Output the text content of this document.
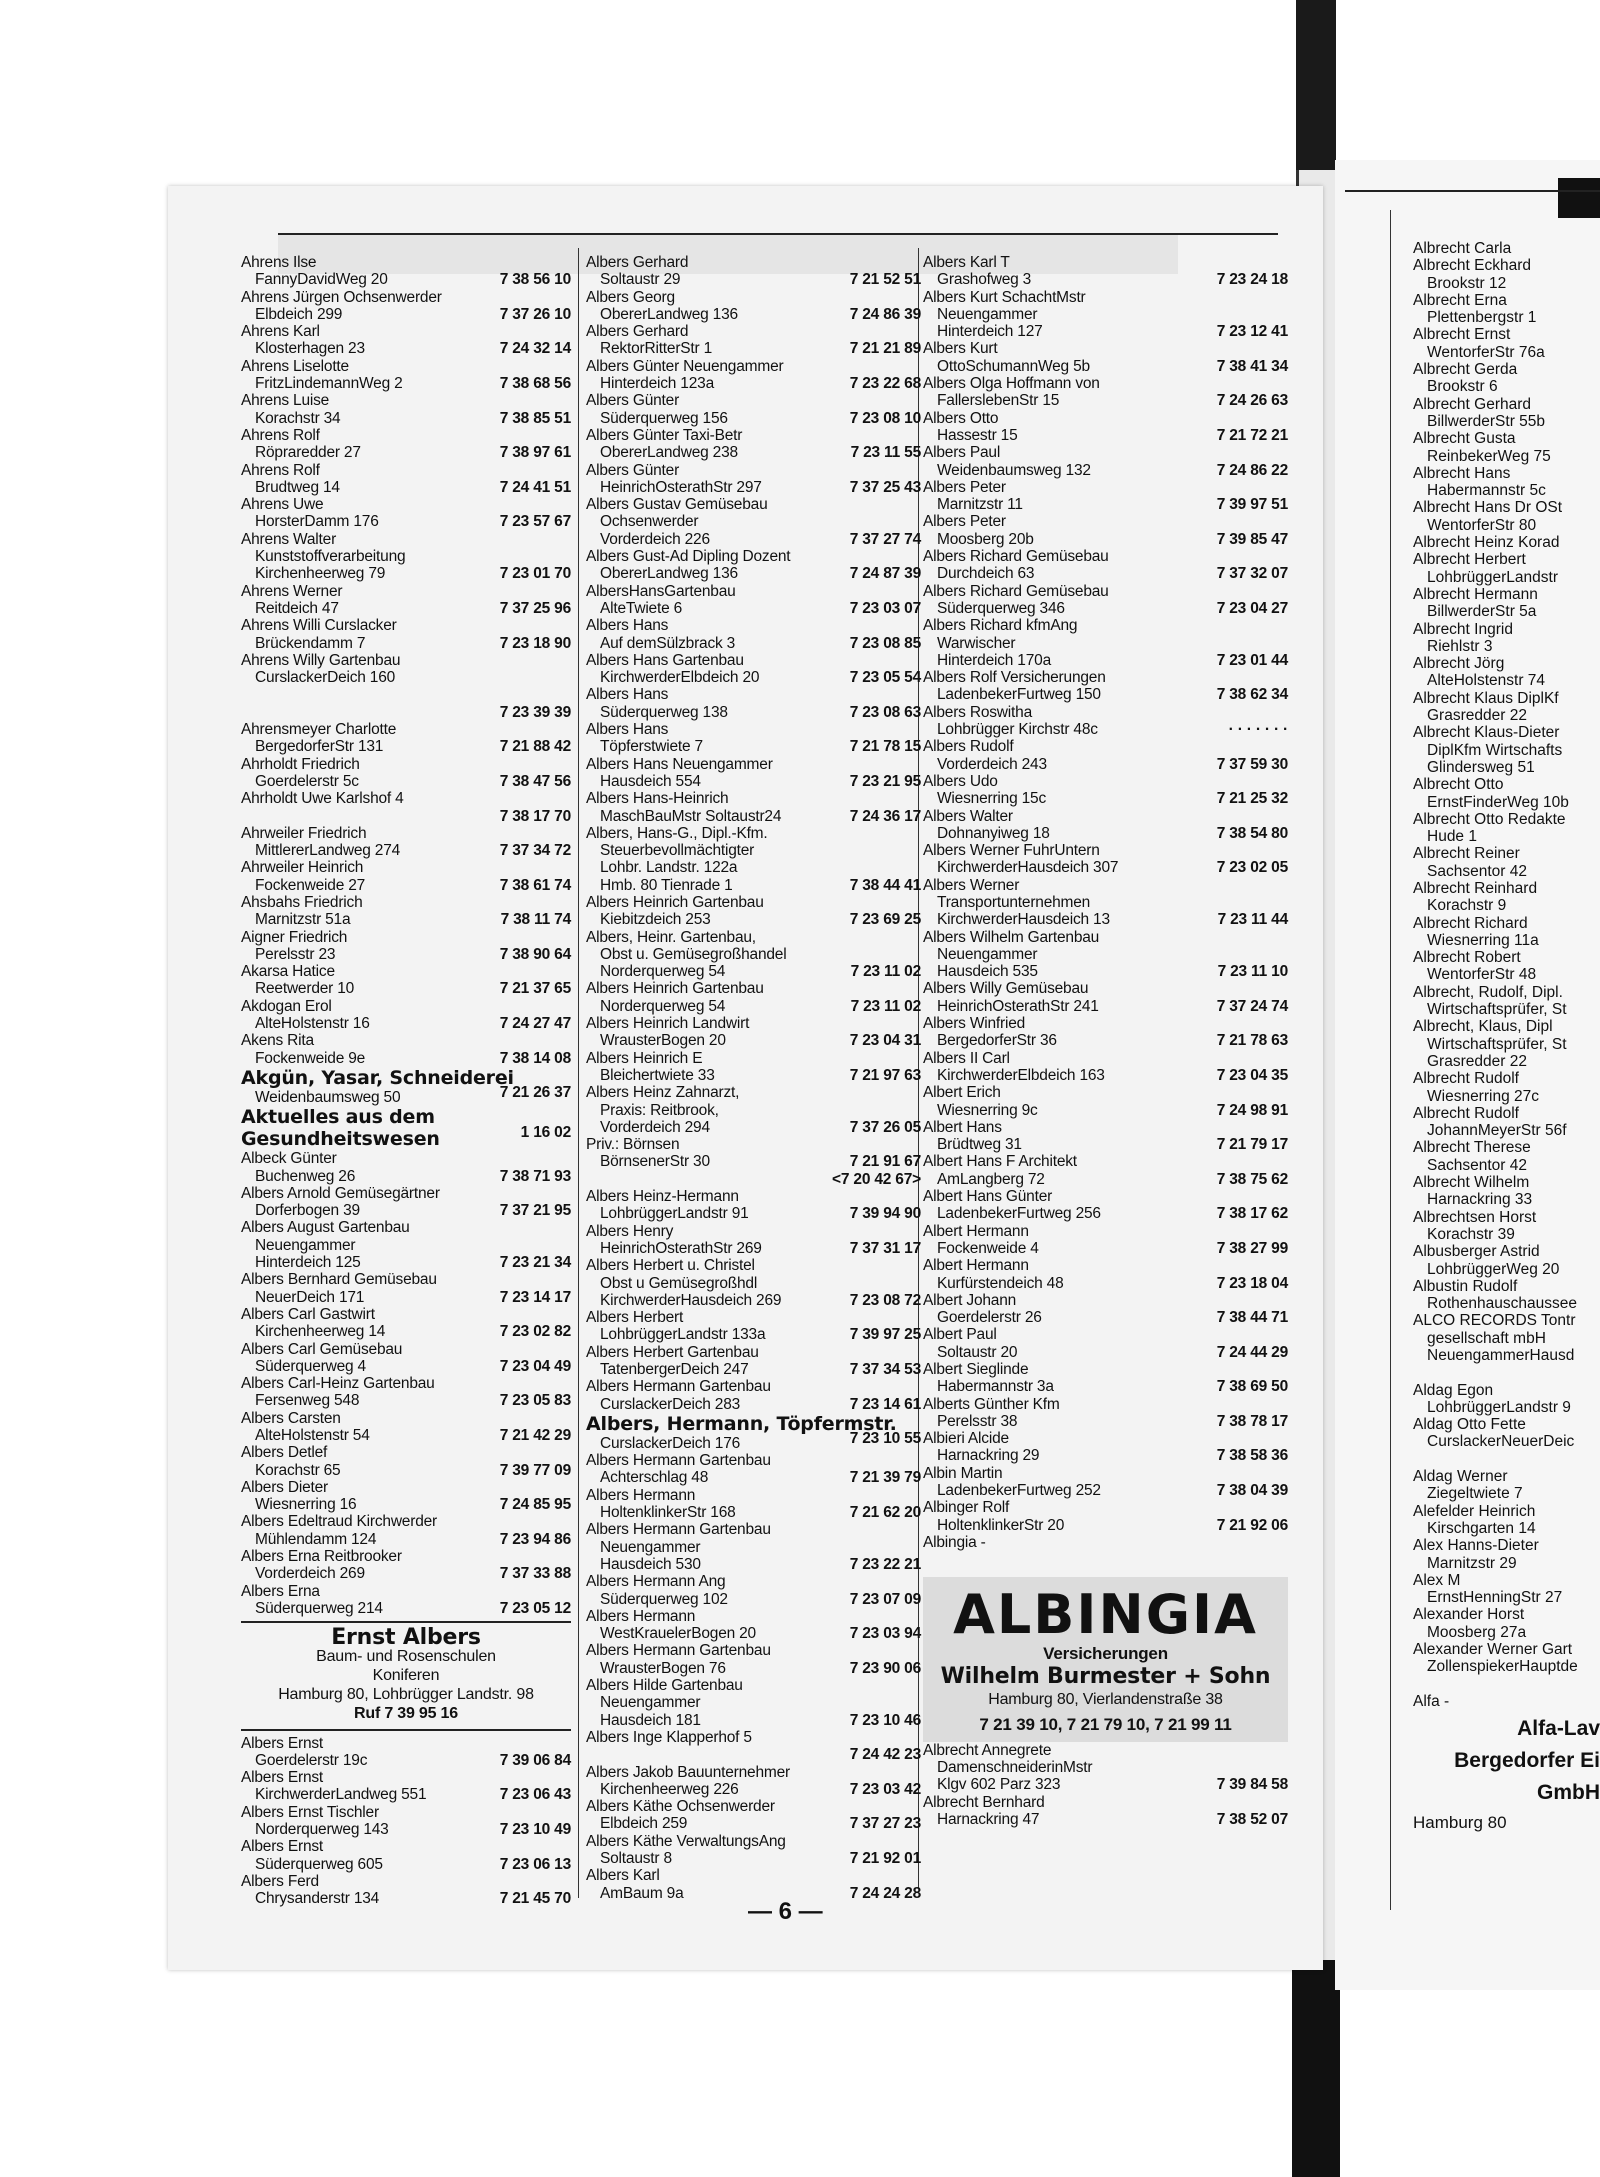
Albrecht Carla
Albrecht Eckhard
Brookstr 12
Albrecht Erna
Plettenbergstr 1
Albrecht Ernst
WentorferStr 76a
Albrecht Gerda
Brookstr 6
Albrecht Gerhard
BillwerderStr 55b
Albrecht Gusta
ReinbekerWeg 75
Albrecht Hans
Habermannstr 5c
Albrecht Hans Dr OSt
WentorferStr 80
Albrecht Heinz Korad
Albrecht Herbert
LohbrüggerLandstr
Albrecht Hermann
BillwerderStr 5a
Albrecht Ingrid
Riehlstr 3
Albrecht Jörg
AlteHolstenstr 74
Albrecht Klaus DiplKf
Grasredder 22
Albrecht Klaus-Dieter
DiplKfm Wirtschafts
Glindersweg 51
Albrecht Otto
ErnstFinderWeg 10b
Albrecht Otto Redakte
Hude 1
Albrecht Reiner
Sachsentor 42
Albrecht Reinhard
Korachstr 9
Albrecht Richard
Wiesnerring 11a
Albrecht Robert
WentorferStr 48
Albrecht, Rudolf, Dipl.
Wirtschaftsprüfer, St
Albrecht, Klaus, Dipl
Wirtschaftsprüfer, St
Grasredder 22
Albrecht Rudolf
Wiesnerring 27c
Albrecht Rudolf
JohannMeyerStr 56f
Albrecht Therese
Sachsentor 42
Albrecht Wilhelm
Harnackring 33
Albrechtsen Horst
Korachstr 39
Albusberger Astrid
LohbrüggerWeg 20
Albustin Rudolf
Rothenhauschaussee
ALCO RECORDS Tontr
gesellschaft mbH
NeuengammerHausd

Aldag Egon
LohbrüggerLandstr 9
Aldag Otto Fette
CurslackerNeuerDeic

Aldag Werner
Ziegeltwiete 7
Alefelder Heinrich
Kirschgarten 14
Alex Hanns-Dieter
Marnitzstr 29
Alex M
ErnstHenningStr 27
Alexander Horst
Moosberg 27a
Alexander Werner Gart
ZollenspiekerHauptde

Alfa -
Alfa-Lav
Bergedorfer Ei
GmbH
Hamburg 80
Ahrens Ilse
FannyDavidWeg 20	7 38 56 10
Ahrens Jürgen Ochsenwerder
Elbdeich 299	7 37 26 10
Ahrens Karl
Klosterhagen 23	7 24 32 14
Ahrens Liselotte
FritzLindemannWeg 2	7 38 68 56
Ahrens Luise
Korachstr 34	7 38 85 51
Ahrens Rolf
Röpraredder 27	7 38 97 61
Ahrens Rolf
Brudtweg 14	7 24 41 51
Ahrens Uwe
HorsterDamm 176	7 23 57 67
Ahrens Walter
Kunststoffverarbeitung
Kirchenheerweg 79	7 23 01 70
Ahrens Werner
Reitdeich 47	7 37 25 96
Ahrens Willi Curslacker
Brückendamm 7	7 23 18 90
Ahrens Willy Gartenbau
CurslackerDeich 160

7 23 39 39
Ahrensmeyer Charlotte
BergedorferStr 131	7 21 88 42
Ahrholdt Friedrich
Goerdelerstr 5c	7 38 47 56
Ahrholdt Uwe Karlshof 4

7 38 17 70
Ahrweiler Friedrich
MittlererLandweg 274	7 37 34 72
Ahrweiler Heinrich
Fockenweide 27	7 38 61 74
Ahsbahs Friedrich
Marnitzstr 51a	7 38 11 74
Aigner Friedrich
Perelsstr 23	7 38 90 64
Akarsa Hatice
Reetwerder 10	7 21 37 65
Akdogan Erol
AlteHolstenstr 16	7 24 27 47
Akens Rita
Fockenweide 9e	7 38 14 08
Akgün, Yasar, Schneiderei
Weidenbaumsweg 50	7 21 26 37
Aktuelles aus dem
Gesundheitswesen	1 16 02
Albeck Günter
Buchenweg 26	7 38 71 93
Albers Arnold Gemüsegärtner
Dorferbogen 39	7 37 21 95
Albers August Gartenbau
Neuengammer
Hinterdeich 125	7 23 21 34
Albers Bernhard Gemüsebau
NeuerDeich 171	7 23 14 17
Albers Carl Gastwirt
Kirchenheerweg 14	7 23 02 82
Albers Carl Gemüsebau
Süderquerweg 4	7 23 04 49
Albers Carl-Heinz Gartenbau
Fersenweg 548	7 23 05 83
Albers Carsten
AlteHolstenstr 54	7 21 42 29
Albers Detlef
Korachstr 65	7 39 77 09
Albers Dieter
Wiesnerring 16	7 24 85 95
Albers Edeltraud Kirchwerder
Mühlendamm 124	7 23 94 86
Albers Erna Reitbrooker
Vorderdeich 269	7 37 33 88
Albers Erna
Süderquerweg 214	7 23 05 12
Ernst Albers
Baum- und Rosenschulen
Koniferen
Hamburg 80, Lohbrügger Landstr. 98
Ruf 7 39 95 16
Albers Ernst
Goerdelerstr 19c	7 39 06 84
Albers Ernst
KirchwerderLandweg 551	7 23 06 43
Albers Ernst Tischler
Norderquerweg 143	7 23 10 49
Albers Ernst
Süderquerweg 605	7 23 06 13
Albers Ferd
Chrysanderstr 134	7 21 45 70
Albers Gerhard
Soltaustr 29	7 21 52 51
Albers Georg
ObererLandweg 136	7 24 86 39
Albers Gerhard
RektorRitterStr 1	7 21 21 89
Albers Günter Neuengammer
Hinterdeich 123a	7 23 22 68
Albers Günter
Süderquerweg 156	7 23 08 10
Albers Günter Taxi-Betr
ObererLandweg 238	7 23 11 55
Albers Günter
HeinrichOsterathStr 297	7 37 25 43
Albers Gustav Gemüsebau
Ochsenwerder
Vorderdeich 226	7 37 27 74
Albers Gust-Ad Dipling Dozent
ObererLandweg 136	7 24 87 39
AlbersHansGartenbau
AlteTwiete 6	7 23 03 07
Albers Hans
Auf demSülzbrack 3	7 23 08 85
Albers Hans Gartenbau
KirchwerderElbdeich 20	7 23 05 54
Albers Hans
Süderquerweg 138	7 23 08 63
Albers Hans
Töpferstwiete 7	7 21 78 15
Albers Hans Neuengammer
Hausdeich 554	7 23 21 95
Albers Hans-Heinrich
MaschBauMstr Soltaustr24	7 24 36 17
Albers, Hans-G., Dipl.-Kfm.
Steuerbevollmächtigter
Lohbr. Landstr. 122a
Hmb. 80 Tienrade 1	7 38 44 41
Albers Heinrich Gartenbau
Kiebitzdeich 253	7 23 69 25
Albers, Heinr. Gartenbau,
Obst u. Gemüsegroßhandel
Norderquerweg 54	7 23 11 02
Albers Heinrich Gartenbau
Norderquerweg 54	7 23 11 02
Albers Heinrich Landwirt
WrausterBogen 20	7 23 04 31
Albers Heinrich E
Bleichertwiete 33	7 21 97 63
Albers Heinz Zahnarzt,
Praxis: Reitbrook,
Vorderdeich 294	7 37 26 05
Priv.: Börnsen
BörnsenerStr 30	7 21 91 67
<7 20 42 67>
Albers Heinz-Hermann
LohbrüggerLandstr 91	7 39 94 90
Albers Henry
HeinrichOsterathStr 269	7 37 31 17
Albers Herbert u. Christel
Obst u Gemüsegroßhdl
KirchwerderHausdeich 269	7 23 08 72
Albers Herbert
LohbrüggerLandstr 133a	7 39 97 25
Albers Herbert Gartenbau
TatenbergerDeich 247	7 37 34 53
Albers Hermann Gartenbau
CurslackerDeich 283	7 23 14 61
Albers, Hermann, Töpfermstr.
CurslackerDeich 176	7 23 10 55
Albers Hermann Gartenbau
Achterschlag 48	7 21 39 79
Albers Hermann
HoltenklinkerStr 168	7 21 62 20
Albers Hermann Gartenbau
Neuengammer
Hausdeich 530	7 23 22 21
Albers Hermann Ang
Süderquerweg 102	7 23 07 09
Albers Hermann
WestKrauelerBogen 20	7 23 03 94
Albers Hermann Gartenbau
WrausterBogen 76	7 23 90 06
Albers Hilde Gartenbau
Neuengammer
Hausdeich 181	7 23 10 46
Albers Inge Klapperhof 5

7 24 42 23
Albers Jakob Bauunternehmer
Kirchenheerweg 226	7 23 03 42
Albers Käthe Ochsenwerder
Elbdeich 259	7 37 27 23
Albers Käthe VerwaltungsAng
Soltaustr 8	7 21 92 01
Albers Karl
AmBaum 9a	7 24 24 28
Albers Karl T
Grashofweg 3	7 23 24 18
Albers Kurt SchachtMstr
Neuengammer
Hinterdeich 127	7 23 12 41
Albers Kurt
OttoSchumannWeg 5b	7 38 41 34
Albers Olga Hoffmann von
FallerslebenStr 15	7 24 26 63
Albers Otto
Hassestr 15	7 21 72 21
Albers Paul
Weidenbaumsweg 132	7 24 86 22
Albers Peter
Marnitzstr 11	7 39 97 51
Albers Peter
Moosberg 20b	7 39 85 47
Albers Richard Gemüsebau
Durchdeich 63	7 37 32 07
Albers Richard Gemüsebau
Süderquerweg 346	7 23 04 27
Albers Richard kfmAng
Warwischer
Hinterdeich 170a	7 23 01 44
Albers Rolf Versicherungen
LadenbekerFurtweg 150	7 38 62 34
Albers Roswitha
Lohbrügger Kirchstr 48c	· · · · · · ·
Albers Rudolf
Vorderdeich 243	7 37 59 30
Albers Udo
Wiesnerring 15c	7 21 25 32
Albers Walter
Dohnanyiweg 18	7 38 54 80
Albers Werner FuhrUntern
KirchwerderHausdeich 307	7 23 02 05
Albers Werner
Transportunternehmen
KirchwerderHausdeich 13	7 23 11 44
Albers Wilhelm Gartenbau
Neuengammer
Hausdeich 535	7 23 11 10
Albers Willy Gemüsebau
HeinrichOsterathStr 241	7 37 24 74
Albers Winfried
BergedorferStr 36	7 21 78 63
Albers II Carl
KirchwerderElbdeich 163	7 23 04 35
Albert Erich
Wiesnerring 9c	7 24 98 91
Albert Hans
Brüdtweg 31	7 21 79 17
Albert Hans F Architekt
AmLangberg 72	7 38 75 62
Albert Hans Günter
LadenbekerFurtweg 256	7 38 17 62
Albert Hermann
Fockenweide 4	7 38 27 99
Albert Hermann
Kurfürstendeich 48	7 23 18 04
Albert Johann
Goerdelerstr 26	7 38 44 71
Albert Paul
Soltaustr 20	7 24 44 29
Albert Sieglinde
Habermannstr 3a	7 38 69 50
Alberts Günther Kfm
Perelsstr 38	7 38 78 17
Albieri Alcide
Harnackring 29	7 38 58 36
Albin Martin
LadenbekerFurtweg 252	7 38 04 39
Albinger Rolf
HoltenklinkerStr 20	7 21 92 06
Albingia -

ALBINGIA
Versicherungen
Wilhelm Burmester + Sohn
Hamburg 80, Vierlandenstraße 38
7 21 39 10, 7 21 79 10, 7 21 99 11
Albrecht Annegrete
DamenschneiderinMstr
Klgv 602 Parz 323	7 39 84 58
Albrecht Bernhard
Harnackring 47	7 38 52 07
— 6 —
